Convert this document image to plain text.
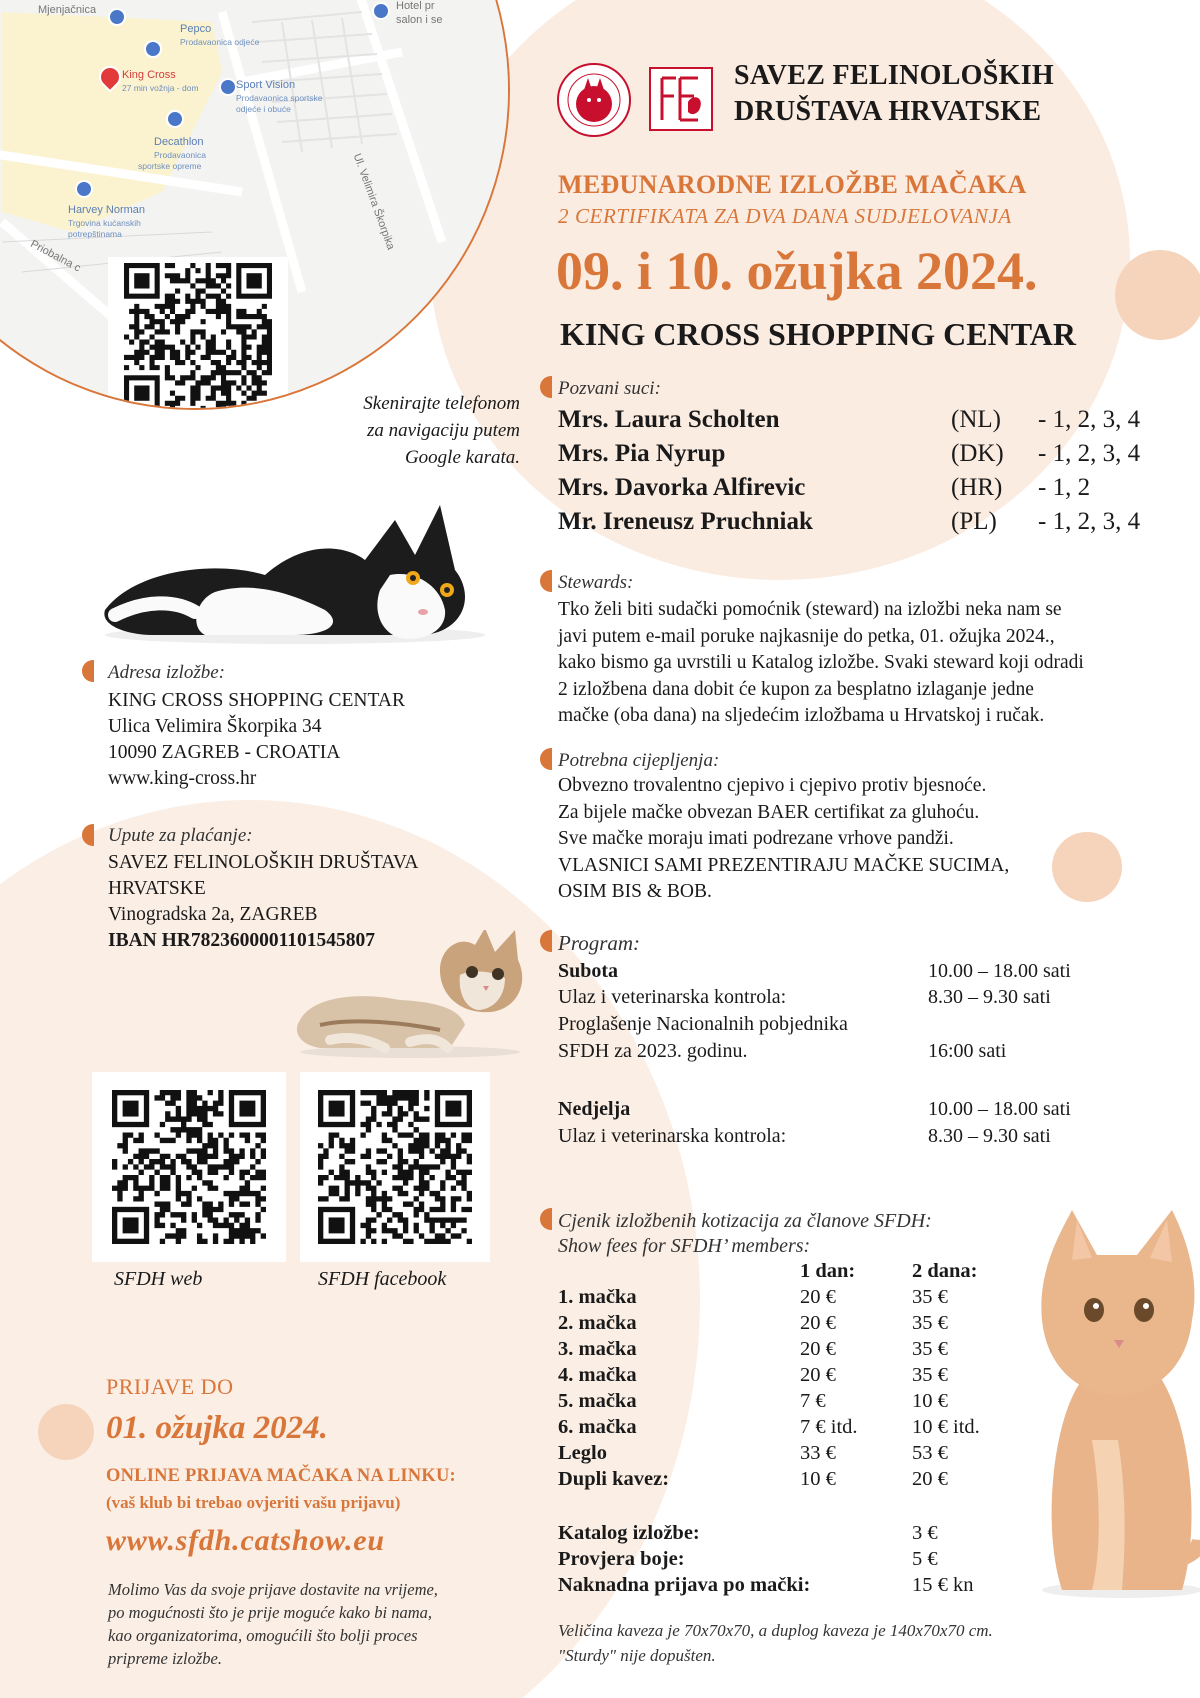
Mjenjačnica
Pepco
Prodavaonica odjeće
King Cross
27 min vožnja - dom	Sport Vision
Prodavaonica sportske
odjeće i obuće
Decathlon
Prodavaonica
sportske opreme
Harvey Norman
Trgovina kućanskih
potrepštinama	Ul. Velimira Škorpika
Priobalna c
Hotel pr
salon i se
SAVEZ FELINOLOŠKIH
DRUŠTAVA HRVATSKE
MEĐUNARODNE IZLOŽBE MAČAKA
2 CERTIFIKATA ZA DVA DANA SUDJELOVANJA
09. i 10. ožujka 2024.
KING CROSS SHOPPING CENTAR
Skenirajte telefonom
za navigaciju putem
Google karata.
Pozvani suci:
Mrs. Laura Scholten	(NL) - 1, 2, 3, 4
Mrs. Pia Nyrup	(DK) - 1, 2, 3, 4
Mrs. Davorka Alfirevic	(HR) - 1, 2
Mr. Ireneusz Pruchniak	(PL) - 1, 2, 3, 4
Stewards:
Tko želi biti sudački pomoćnik (steward) na izložbi neka nam se
javi putem e-mail poruke najkasnije do petka, 01. ožujka 2024.,
kako bismo ga uvrstili u Katalog izložbe. Svaki steward koji odradi
2 izložbena dana dobit će kupon za besplatno izlaganje jedne
mačke (oba dana) na sljedećim izložbama u Hrvatskoj i ručak.
Potrebna cijepljenja:
Obvezno trovalentno cjepivo i cjepivo protiv bjesnoće.
Za bijele mačke obvezan BAER certifikat za gluhoću.
Sve mačke moraju imati podrezane vrhove pandži.
VLASNICI SAMI PREZENTIRAJU MAČKE SUCIMA,
OSIM BIS & BOB.
Program:
Subota	10.00 – 18.00 sati
Ulaz i veterinarska kontrola:	8.30 – 9.30 sati
Proglašenje Nacionalnih pobjednika
SFDH za 2023. godinu.	16:00 sati
Nedjelja	10.00 – 18.00 sati
Ulaz i veterinarska kontrola:	8.30 – 9.30 sati
Cjenik izložbenih kotizacija za članove SFDH:
Show fees for SFDH’ members:
1 dan:	2 dana:
1. mačka	20 €	35 €
2. mačka	20 €	35 €
3. mačka	20 €	35 €
4. mačka	20 €	35 €
5. mačka	7 €	10 €
6. mačka	7 € itd.	10 € itd.
Leglo	33 €	53 €
Dupli kavez:	10 €	20 €
Katalog izložbe:	3 €
Provjera boje:	5 €
Naknadna prijava po mački:	15 € kn
Veličina kaveza je 70x70x70, a duplog kaveza je 140x70x70 cm.
"Sturdy" nije dopušten.
Adresa izložbe:
KING CROSS SHOPPING CENTAR
Ulica Velimira Škorpika 34
10090 ZAGREB - CROATIA
www.king-cross.hr
Upute za plaćanje:
SAVEZ FELINOLOŠKIH DRUŠTAVA
HRVATSKE
Vinogradska 2a, ZAGREB
IBAN HR7823600001101545807
SFDH web	SFDH facebook
PRIJAVE DO
01. ožujka 2024.
ONLINE PRIJAVA MAČAKA NA LINKU:
(vaš klub bi trebao ovjeriti vašu prijavu)
www.sfdh.catshow.eu
Molimo Vas da svoje prijave dostavite na vrijeme,
po mogućnosti što je prije moguće kako bi nama,
kao organizatorima, omogućili što bolji proces
pripreme izložbe.
